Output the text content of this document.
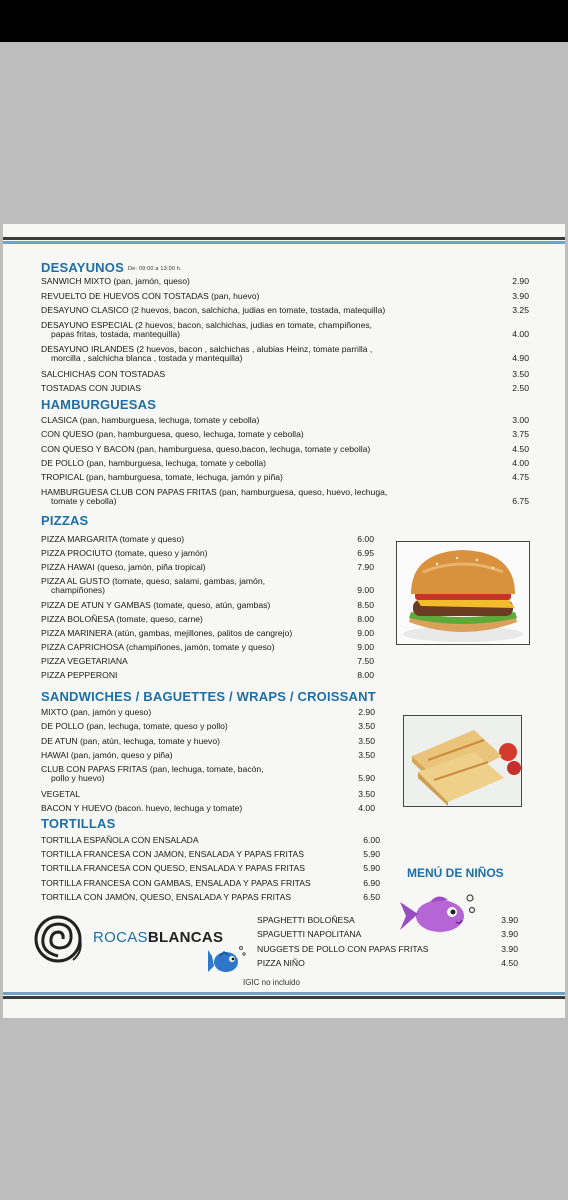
DESAYUNOS De: 09:00 a 13:00 h.
SANWICH MIXTO (pan, jamón, queso)	2.90
REVUELTO DE HUEVOS CON TOSTADAS (pan, huevo)	3.90
DESAYUNO CLASICO (2 huevos, bacon, salchicha, judias en tomate, tostada, matequilla)	3.25
DESAYUNO ESPECIAL (2 huevos, bacon, salchichas, judias en tomate, champiñones,
papas fritas, tostada, mantequilla)	4.00
DESAYUNO IRLANDES (2 huevos, bacon , salchichas , alubias Heinz, tomate parrilla ,
morcilla , salchicha blanca , tostada y mantequilla)	4.90
SALCHICHAS CON TOSTADAS	3.50
TOSTADAS CON JUDIAS	2.50
HAMBURGUESAS
CLASICA (pan, hamburguesa, lechuga, tomate y cebolla)	3.00
CON QUESO (pan, hamburguesa, queso, lechuga, tomate y cebolla)	3.75
CON QUESO Y BACON (pan, hamburguesa, queso,bacon, lechuga, tomate y cebolla)	4.50
DE POLLO (pan, hamburguesa, lechuga, tomate y cebolla)	4.00
TROPICAL (pan, hamburguesa, tomate, lechuga, jamón y piña)	4.75
HAMBURGUESA CLUB CON PAPAS FRITAS (pan, hamburguesa, queso, huevo, lechuga,
tomate y cebolla)	6.75
PIZZAS
PIZZA MARGARITA (tomate y queso)	6.00
PIZZA PROCIUTO (tomate, queso y jamón)	6.95
PIZZA HAWAI (queso, jamón, piña tropical)	7.90
PIZZA AL GUSTO (tomate, queso, salami, gambas, jamón,
champiñones)	9.00
PIZZA DE ATUN Y GAMBAS (tomate, queso, atún, gambas)	8.50
PIZZA BOLOÑESA (tomate, queso, carne)	8.00
PIZZA MARINERA (atún, gambas, mejillones, palitos de cangrejo)	9.00
PIZZA CAPRICHOSA (champiñones, jamón, tomate y queso)	9.00
PIZZA VEGETARIANA	7.50
PIZZA PEPPERONI	8.00
SANDWICHES / BAGUETTES / WRAPS / CROISSANT
MIXTO (pan, jamón y queso)	2.90
DE POLLO (pan, lechuga, tomate, queso y pollo)	3.50
DE ATUN (pan, atún, lechuga, tomate y huevo)	3.50
HAWAI (pan, jamón, queso y piña)	3.50
CLUB CON PAPAS FRITAS (pan, lechuga, tomate, bacón,
pollo y huevo)	5.90
VEGETAL	3.50
BACON Y HUEVO (bacon. huevo, lechuga y tomate)	4.00
TORTILLAS
TORTILLA ESPAÑOLA CON ENSALADA	6.00
TORTILLA FRANCESA CON JAMON, ENSALADA Y PAPAS FRITAS	5.90
TORTILLA FRANCESA CON QUESO, ENSALADA Y PAPAS FRITAS	5.90
TORTILLA FRANCESA CON GAMBAS, ENSALADA Y PAPAS FRITAS	6.90
TORTILLA CON JAMÓN, QUESO, ENSALADA Y PAPAS FRITAS	6.50
SPAGHETTI BOLOÑESA	3.90
SPAGUETTI NAPOLITANA	3.90
NUGGETS DE POLLO CON PAPAS FRITAS	3.90
PIZZA NIÑO	4.50
ROCASBLANCAS
MENÚ DE NIÑOS
IGIC no incluido
